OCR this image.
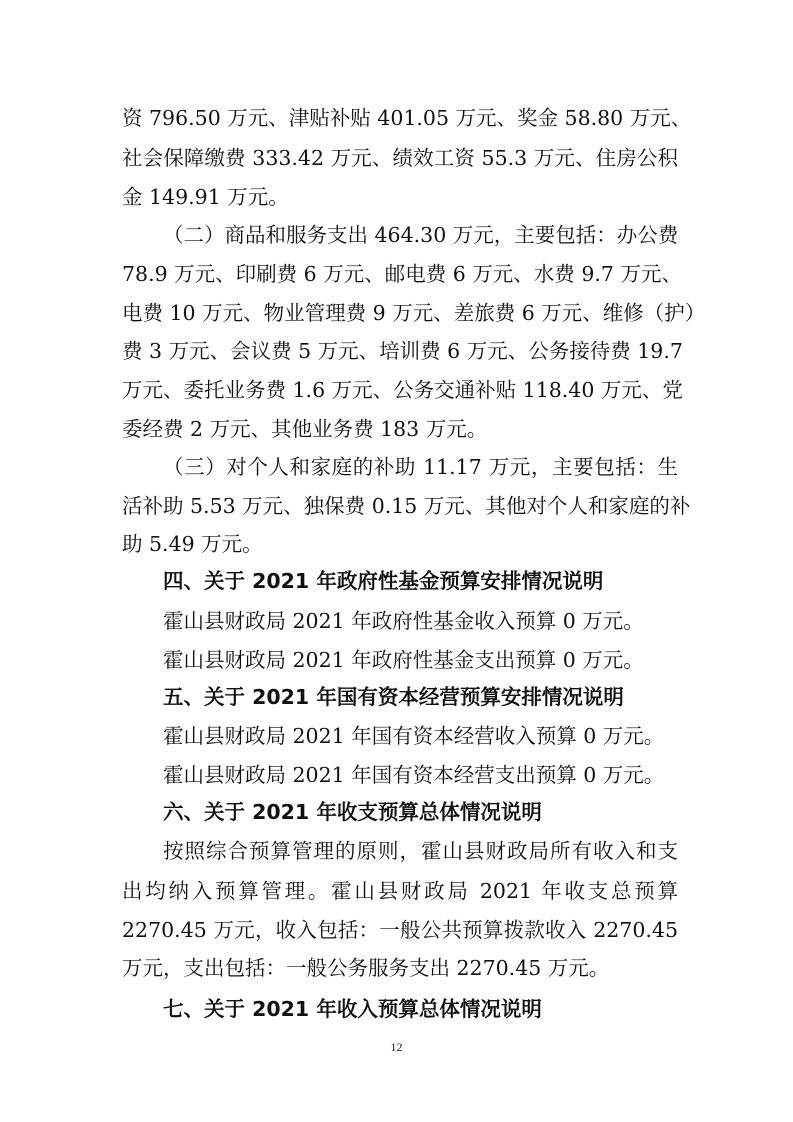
资 796.50 万元、津贴补贴 401.05 万元、奖金 58.80 万元、
社会保障缴费 333.42 万元、绩效工资 55.3 万元、住房公积
金 149.91 万元。
（二）商品和服务支出 464.30 万元，主要包括：办公费
78.9 万元、印刷费 6 万元、邮电费 6 万元、水费 9.7 万元、
电费 10 万元、物业管理费 9 万元、差旅费 6 万元、维修（护）
费 3 万元、会议费 5 万元、培训费 6 万元、公务接待费 19.7
万元、委托业务费 1.6 万元、公务交通补贴 118.40 万元、党
委经费 2 万元、其他业务费 183 万元。
（三）对个人和家庭的补助 11.17 万元，主要包括：生
活补助 5.53 万元、独保费 0.15 万元、其他对个人和家庭的补
助 5.49 万元。
四、关于 2021 年政府性基金预算安排情况说明
霍山县财政局 2021 年政府性基金收入预算 0 万元。
霍山县财政局 2021 年政府性基金支出预算 0 万元。
五、关于 2021 年国有资本经营预算安排情况说明
霍山县财政局 2021 年国有资本经营收入预算 0 万元。
霍山县财政局 2021 年国有资本经营支出预算 0 万元。
六、关于 2021 年收支预算总体情况说明
按照综合预算管理的原则，霍山县财政局所有收入和支
出均纳入预算管理。霍山县财政局 2021 年收支总预算
2270.45 万元，收入包括：一般公共预算拨款收入 2270.45
万元，支出包括：一般公务服务支出 2270.45 万元。
七、关于 2021 年收入预算总体情况说明
12
